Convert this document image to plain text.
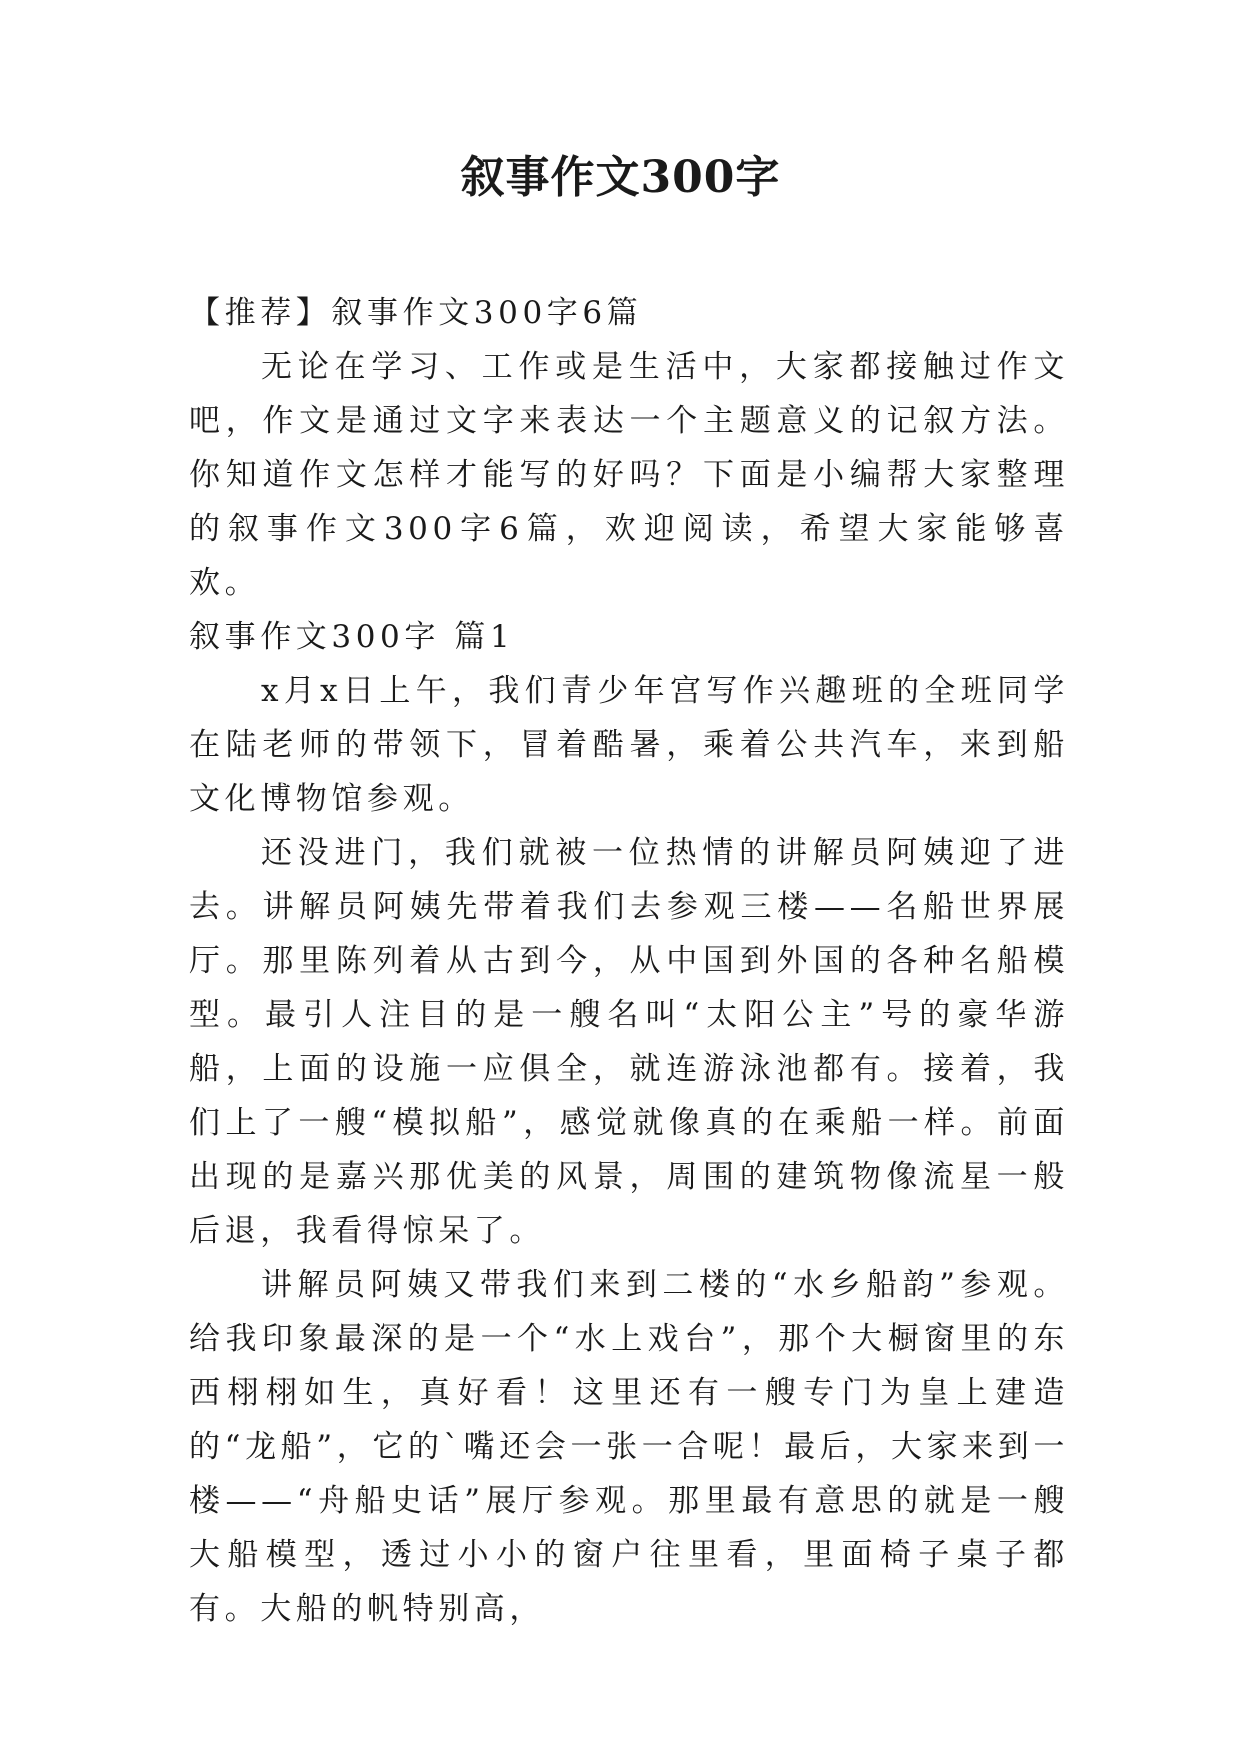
叙事作文300字

【推荐】叙事作文300字6篇

无论在学习、工作或是生活中，大家都接触过作文吧，作文是通过文字来表达一个主题意义的记叙方法。你知道作文怎样才能写的好吗？下面是小编帮大家整理的叙事作文300字6篇，欢迎阅读，希望大家能够喜欢。

叙事作文300字 篇1

x月x日上午，我们青少年宫写作兴趣班的全班同学在陆老师的带领下，冒着酷暑，乘着公共汽车，来到船文化博物馆参观。

还没进门，我们就被一位热情的讲解员阿姨迎了进去。讲解员阿姨先带着我们去参观三楼——名船世界展厅。那里陈列着从古到今，从中国到外国的各种名船模型。最引人注目的是一艘名叫“太阳公主”号的豪华游船，上面的设施一应俱全，就连游泳池都有。接着，我们上了一艘“模拟船”，感觉就像真的在乘船一样。前面出现的是嘉兴那优美的风景，周围的建筑物像流星一般后退，我看得惊呆了。

讲解员阿姨又带我们来到二楼的“水乡船韵”参观。给我印象最深的是一个“水上戏台”，那个大橱窗里的东西栩栩如生，真好看！这里还有一艘专门为皇上建造的“龙船”，它的`嘴还会一张一合呢！最后，大家来到一楼——“舟船史话”展厅参观。那里最有意思的就是一艘大船模型，透过小小的窗户往里看，里面椅子桌子都有。大船的帆特别高，
